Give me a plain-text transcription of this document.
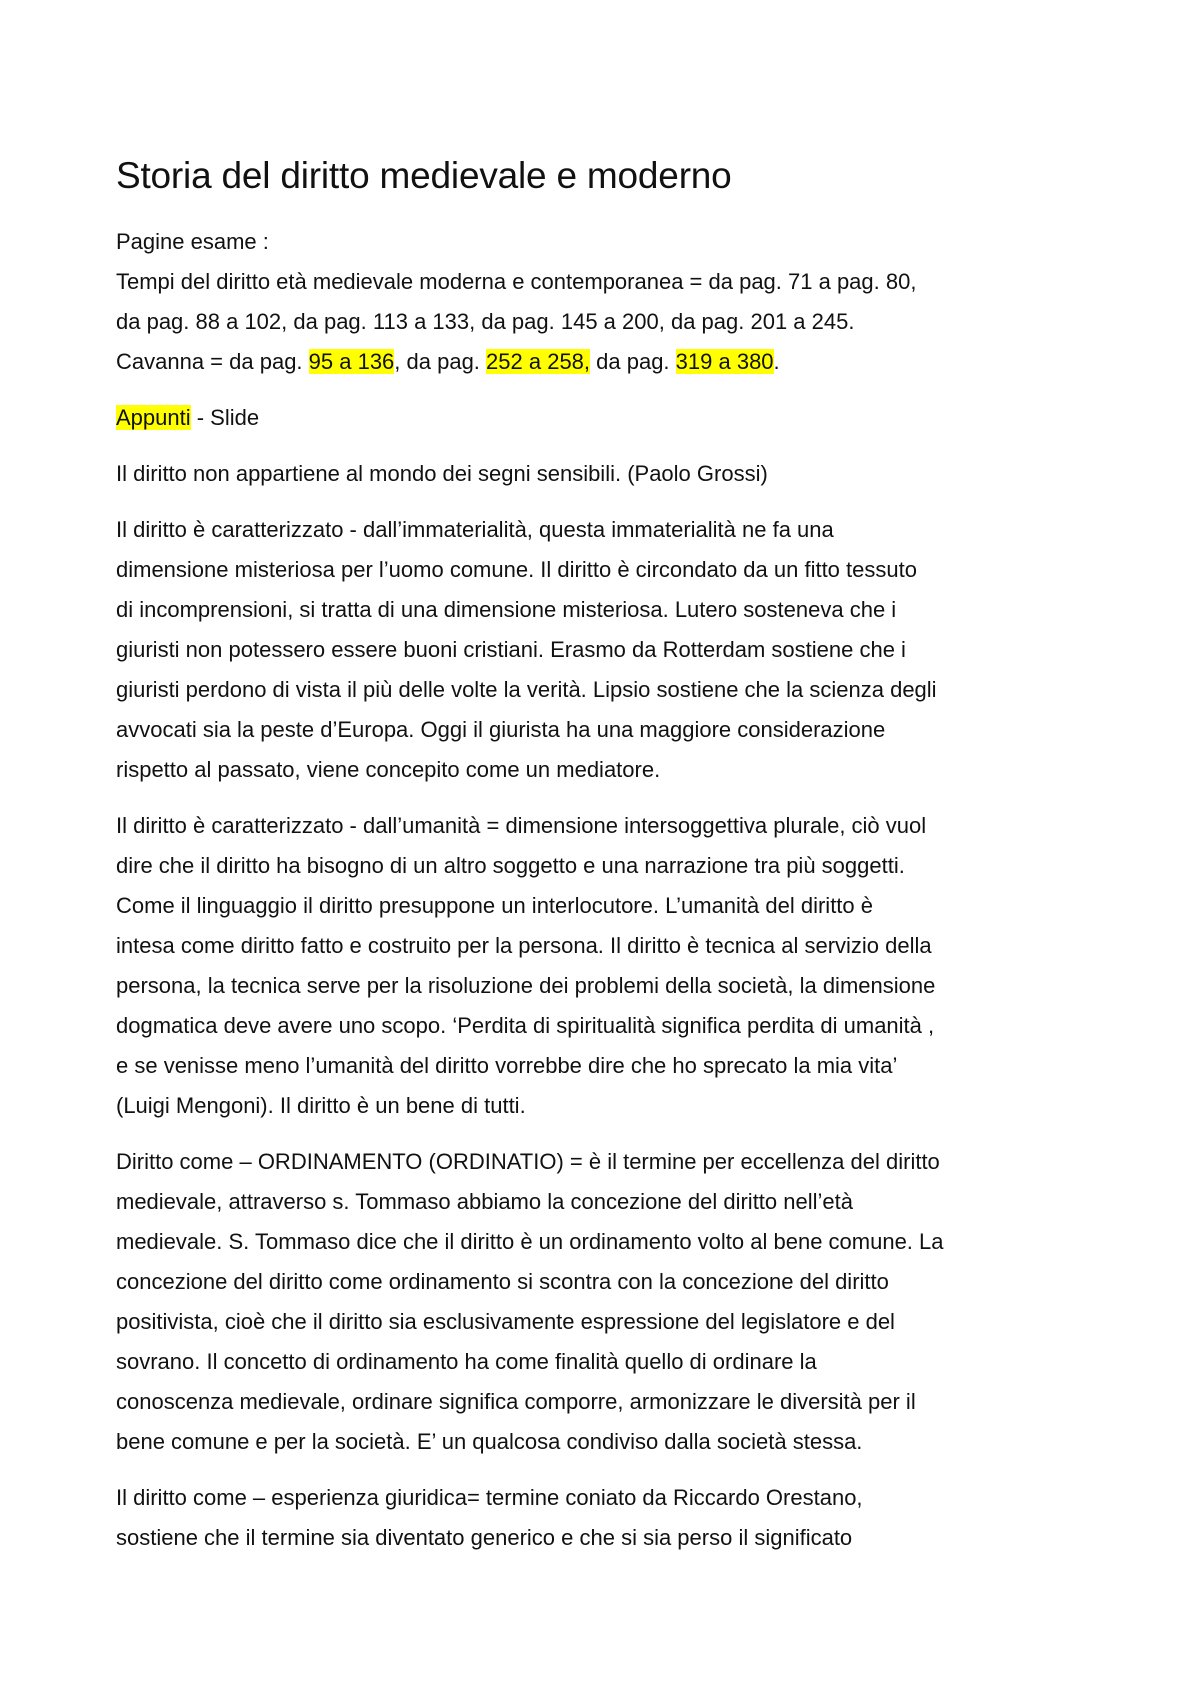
Storia del diritto medievale e moderno
Pagine esame :
Tempi del diritto età medievale moderna e contemporanea = da pag. 71 a pag. 80,
da pag. 88 a 102, da pag. 113 a 133, da pag. 145 a 200, da pag. 201 a 245.
Cavanna = da pag. 95 a 136, da pag. 252 a 258, da pag. 319 a 380.
Appunti - Slide
Il diritto non appartiene al mondo dei segni sensibili. (Paolo Grossi)
Il diritto è caratterizzato - dall’immaterialità, questa immaterialità ne fa una
dimensione misteriosa per l’uomo comune. Il diritto è circondato da un fitto tessuto
di incomprensioni, si tratta di una dimensione misteriosa. Lutero sosteneva che i
giuristi non potessero essere buoni cristiani. Erasmo da Rotterdam sostiene che i
giuristi perdono di vista il più delle volte la verità. Lipsio sostiene che la scienza degli
avvocati sia la peste d’Europa. Oggi il giurista ha una maggiore considerazione
rispetto al passato, viene concepito come un mediatore.
Il diritto è caratterizzato - dall’umanità = dimensione intersoggettiva plurale, ciò vuol
dire che il diritto ha bisogno di un altro soggetto e una narrazione tra più soggetti.
Come il linguaggio il diritto presuppone un interlocutore. L’umanità del diritto è
intesa come diritto fatto e costruito per la persona. Il diritto è tecnica al servizio della
persona, la tecnica serve per la risoluzione dei problemi della società, la dimensione
dogmatica deve avere uno scopo. ‘Perdita di spiritualità significa perdita di umanità ,
e se venisse meno l’umanità del diritto vorrebbe dire che ho sprecato la mia vita’
(Luigi Mengoni). Il diritto è un bene di tutti.
Diritto come – ORDINAMENTO (ORDINATIO) = è il termine per eccellenza del diritto
medievale, attraverso s. Tommaso abbiamo la concezione del diritto nell’età
medievale. S. Tommaso dice che il diritto è un ordinamento volto al bene comune. La
concezione del diritto come ordinamento si scontra con la concezione del diritto
positivista, cioè che il diritto sia esclusivamente espressione del legislatore e del
sovrano. Il concetto di ordinamento ha come finalità quello di ordinare la
conoscenza medievale, ordinare significa comporre, armonizzare le diversità per il
bene comune e per la società. E’ un qualcosa condiviso dalla società stessa.
Il diritto come – esperienza giuridica= termine coniato da Riccardo Orestano,
sostiene che il termine sia diventato generico e che si sia perso il significato
